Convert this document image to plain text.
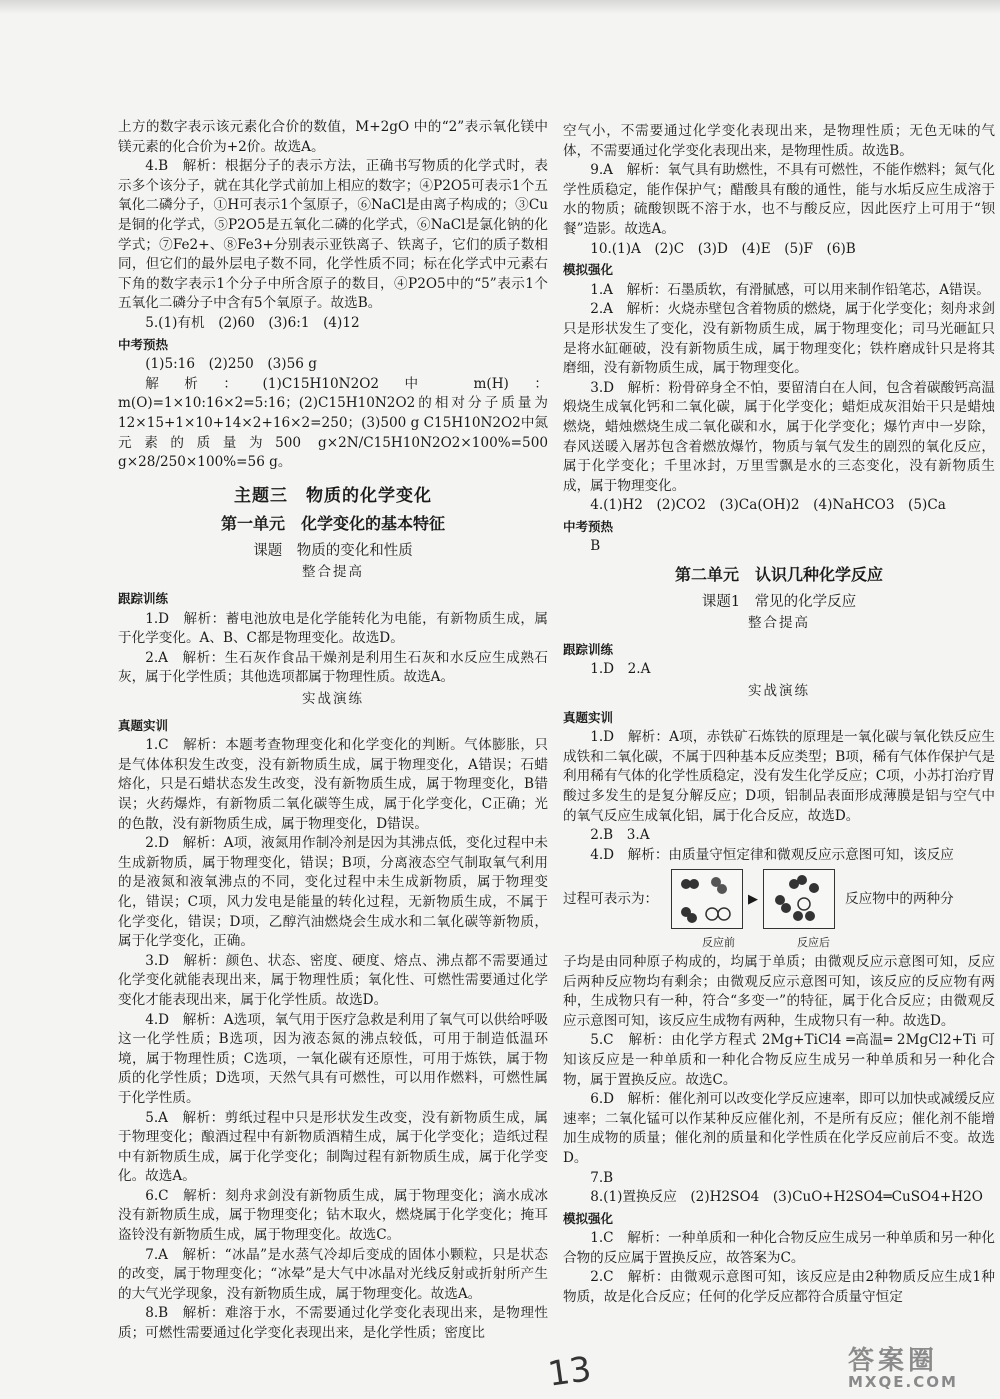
上方的数字表示该元素化合价的数值，M+2gO 中的“2”表示氧化镁中镁元素的化合价为+2价。故选A。

4.B　解析：根据分子的表示方法，正确书写物质的化学式时，表示多个该分子，就在其化学式前加上相应的数字；④P2O5可表示1个五氧化二磷分子，①H可表示1个氢原子，⑥NaCl是由离子构成的；③Cu是铜的化学式，⑤P2O5是五氧化二磷的化学式，⑥NaCl是氯化钠的化学式；⑦Fe2+、⑧Fe3+分别表示亚铁离子、铁离子，它们的质子数相同，但它们的最外层电子数不同，化学性质不同；标在化学式中元素右下角的数字表示1个分子中所含原子的数目，④P2O5中的“5”表示1个五氧化二磷分子中含有5个氧原子。故选B。

5.(1)有机　(2)60　(3)6:1　(4)12

中考预热

(1)5:16　(2)250　(3)56 g

解析：(1)C15H10N2O2中 m(H)：m(O)=1×10:16×2=5:16；(2)C15H10N2O2的相对分子质量为12×15+1×10+14×2+16×2=250；(3)500 g C15H10N2O2中氮元素的质量为500 g×2N/C15H10N2O2×100%=500 g×28/250×100%=56 g。

主题三　物质的化学变化
第一单元　化学变化的基本特征
课题　物质的变化和性质
整合提高
跟踪训练

1.D　解析：蓄电池放电是化学能转化为电能，有新物质生成，属于化学变化。A、B、C都是物理变化。故选D。

2.A　解析：生石灰作食品干燥剂是利用生石灰和水反应生成熟石灰，属于化学性质；其他选项都属于物理性质。故选A。

实战演练
真题实训

1.C　解析：本题考查物理变化和化学变化的判断。气体膨胀，只是气体体积发生改变，没有新物质生成，属于物理变化，A错误；石蜡熔化，只是石蜡状态发生改变，没有新物质生成，属于物理变化，B错误；火药爆炸，有新物质二氧化碳等生成，属于化学变化，C正确；光的色散，没有新物质生成，属于物理变化，D错误。

2.D　解析：A项，液氮用作制冷剂是因为其沸点低，变化过程中未生成新物质，属于物理变化，错误；B项，分离液态空气制取氧气利用的是液氮和液氧沸点的不同，变化过程中未生成新物质，属于物理变化，错误；C项，风力发电是能量的转化过程，无新物质生成，不属于化学变化，错误；D项，乙醇汽油燃烧会生成水和二氧化碳等新物质，属于化学变化，正确。

3.D　解析：颜色、状态、密度、硬度、熔点、沸点都不需要通过化学变化就能表现出来，属于物理性质；氧化性、可燃性需要通过化学变化才能表现出来，属于化学性质。故选D。

4.D　解析：A选项，氧气用于医疗急救是利用了氧气可以供给呼吸这一化学性质；B选项，因为液态氮的沸点较低，可用于制造低温环境，属于物理性质；C选项，一氧化碳有还原性，可用于炼铁，属于物质的化学性质；D选项，天然气具有可燃性，可以用作燃料，可燃性属于化学性质。

5.A　解析：剪纸过程中只是形状发生改变，没有新物质生成，属于物理变化；酿酒过程中有新物质酒精生成，属于化学变化；造纸过程中有新物质生成，属于化学变化；制陶过程有新物质生成，属于化学变化。故选A。

6.C　解析：刻舟求剑没有新物质生成，属于物理变化；滴水成冰没有新物质生成，属于物理变化；钻木取火，燃烧属于化学变化；掩耳盗铃没有新物质生成，属于物理变化。故选C。

7.A　解析：“冰晶”是水蒸气冷却后变成的固体小颗粒，只是状态的改变，属于物理变化；“冰晕”是大气中冰晶对光线反射或折射所产生的大气光学现象，没有新物质生成，属于物理变化。故选A。

8.B　解析：难溶于水，不需要通过化学变化表现出来，是物理性质；可燃性需要通过化学变化表现出来，是化学性质；密度比

空气小，不需要通过化学变化表现出来，是物理性质；无色无味的气体，不需要通过化学变化表现出来，是物理性质。故选B。

9.A　解析：氧气具有助燃性，不具有可燃性，不能作燃料；氮气化学性质稳定，能作保护气；醋酸具有酸的通性，能与水垢反应生成溶于水的物质；硫酸钡既不溶于水，也不与酸反应，因此医疗上可用于“钡餐”造影。故选A。

10.(1)A　(2)C　(3)D　(4)E　(5)F　(6)B

模拟强化

1.A　解析：石墨质软，有滑腻感，可以用来制作铅笔芯，A错误。

2.A　解析：火烧赤壁包含着物质的燃烧，属于化学变化；刻舟求剑只是形状发生了变化，没有新物质生成，属于物理变化；司马光砸缸只是将水缸砸破，没有新物质生成，属于物理变化；铁杵磨成针只是将其磨细，没有新物质生成，属于物理变化。

3.D　解析：粉骨碎身全不怕，要留清白在人间，包含着碳酸钙高温煅烧生成氧化钙和二氧化碳，属于化学变化；蜡炬成灰泪始干只是蜡烛燃烧，蜡烛燃烧生成二氧化碳和水，属于化学变化；爆竹声中一岁除，春风送暖入屠苏包含着燃放爆竹，物质与氧气发生的剧烈的氧化反应，属于化学变化；千里冰封，万里雪飘是水的三态变化，没有新物质生成，属于物理变化。

4.(1)H2　(2)CO2　(3)Ca(OH)2　(4)NaHCO3　(5)Ca

中考预热

B

第二单元　认识几种化学反应
课题1　常见的化学反应
整合提高
跟踪训练

1.D　2.A

实战演练
真题实训

1.D　解析：A项，赤铁矿石炼铁的原理是一氧化碳与氧化铁反应生成铁和二氧化碳，不属于四种基本反应类型；B项，稀有气体作保护气是利用稀有气体的化学性质稳定，没有发生化学反应；C项，小苏打治疗胃酸过多发生的是复分解反应；D项，铝制品表面形成薄膜是铝与空气中的氧气反应生成氧化铝，属于化合反应，故选D。

2.B　3.A

4.D　解析：由质量守恒定律和微观反应示意图可知，该反应

过程可表示为：	▶	反应物中的两种分
反应前	反应后

子均是由同种原子构成的，均属于单质；由微观反应示意图可知，反应后两种反应物均有剩余；由微观反应示意图可知，该反应的反应物有两种，生成物只有一种，符合“多变一”的特征，属于化合反应；由微观反应示意图可知，该反应生成物有两种，生成物只有一种。故选D。

5.C　解析：由化学方程式 2Mg+TiCl4 ═高温═ 2MgCl2+Ti 可知该反应是一种单质和一种化合物反应生成另一种单质和另一种化合物，属于置换反应。故选C。

6.D　解析：催化剂可以改变化学反应速率，即可以加快或减缓反应速率；二氧化锰可以作某种反应催化剂，不是所有反应；催化剂不能增加生成物的质量；催化剂的质量和化学性质在化学反应前后不变。故选D。

7.B

8.(1)置换反应　(2)H2SO4　(3)CuO+H2SO4═CuSO4+H2O

模拟强化

1.C　解析：一种单质和一种化合物反应生成另一种单质和另一种化合物的反应属于置换反应，故答案为C。

2.C　解析：由微观示意图可知，该反应是由2种物质反应生成1种物质，故是化合反应；任何的化学反应都符合质量守恒定

13	答案圈
MXQE.COM
